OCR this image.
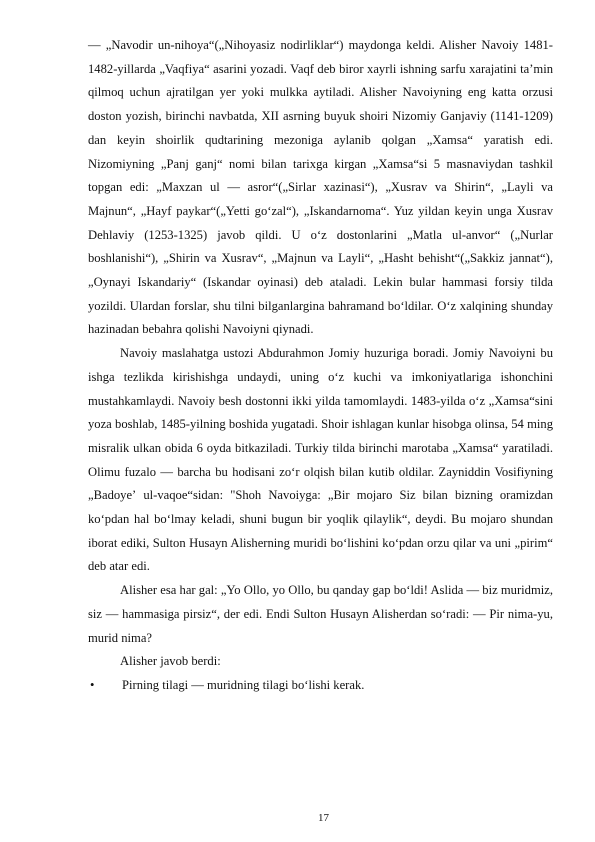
— „Navodir un-nihoya“(„Nihoyasiz nodirliklar“) maydonga keldi. Alisher Navoiy 1481-1482-yillarda „Vaqfiya“ asarini yozadi. Vaqf deb biror xayrli ishning sarfu xarajatini taʼmin qilmoq uchun ajratilgan yer yoki mulkka aytiladi. Alisher Navoiyning eng katta orzusi doston yozish, birinchi navbatda, XII asrning buyuk shoiri Nizomiy Ganjaviy (1141-1209) dan keyin shoirlik qudtarining mezoniga aylanib qolgan „Xamsa“ yaratish edi. Nizomiyning „Panj ganj“ nomi bilan tarixga kirgan „Xamsa“si 5 masnaviydan tashkil topgan edi: „Maxzan ul — asror“(„Sirlar xazinasi“), „Xusrav va Shirin“, „Layli va Majnun“, „Hayf paykar“(„Yetti goʻzal“), „Iskandarnoma“. Yuz yildan keyin unga Xusrav Dehlaviy (1253-1325) javob qildi. U oʻz dostonlarini „Matla ul-anvor“ („Nurlar boshlanishi“), „Shirin va Xusrav“, „Majnun va Layli“, „Hasht behisht“(„Sakkiz jannat“), „Oynayi Iskandariy“ (Iskandar oyinasi) deb ataladi. Lekin bular hammasi forsiy tilda yozildi. Ulardan forslar, shu tilni bilganlargina bahramand boʻldilar. Oʻz xalqining shunday hazinadan bebahra qolishi Navoiyni qiynadi.

Navoiy maslahatga ustozi Abdurahmon Jomiy huzuriga boradi. Jomiy Navoiyni bu ishga tezlikda kirishishga undaydi, uning oʻz kuchi va imkoniyatlariga ishonchini mustahkamlaydi. Navoiy besh dostonni ikki yilda tamomlaydi. 1483-yilda oʻz „Xamsa“sini yoza boshlab, 1485-yilning boshida yugatadi. Shoir ishlagan kunlar hisobga olinsa, 54 ming misralik ulkan obida 6 oyda bitkaziladi. Turkiy tilda birinchi marotaba „Xamsa“ yaratiladi. Olimu fuzalo — barcha bu hodisani zoʻr olqish bilan kutib oldilar. Zayniddin Vosifiyning „Badoyeʼ ul-vaqoe“sidan: "Shoh Navoiyga: „Bir mojaro Siz bilan bizning oramizdan koʻpdan hal boʻlmay keladi, shuni bugun bir yoqlik qilaylik“, deydi. Bu mojaro shundan iborat ediki, Sulton Husayn Alisherning muridi boʻlishini koʻpdan orzu qilar va uni „pirim“ deb atar edi.

Alisher esa har gal: „Yo Ollo, yo Ollo, bu qanday gap boʻldi! Aslida — biz muridmiz, siz — hammasiga pirsiz“, der edi. Endi Sulton Husayn Alisherdan soʻradi: — Pir nima-yu, murid nima?

Alisher javob berdi:

•	Pirning tilagi — muridning tilagi boʻlishi kerak.
17
